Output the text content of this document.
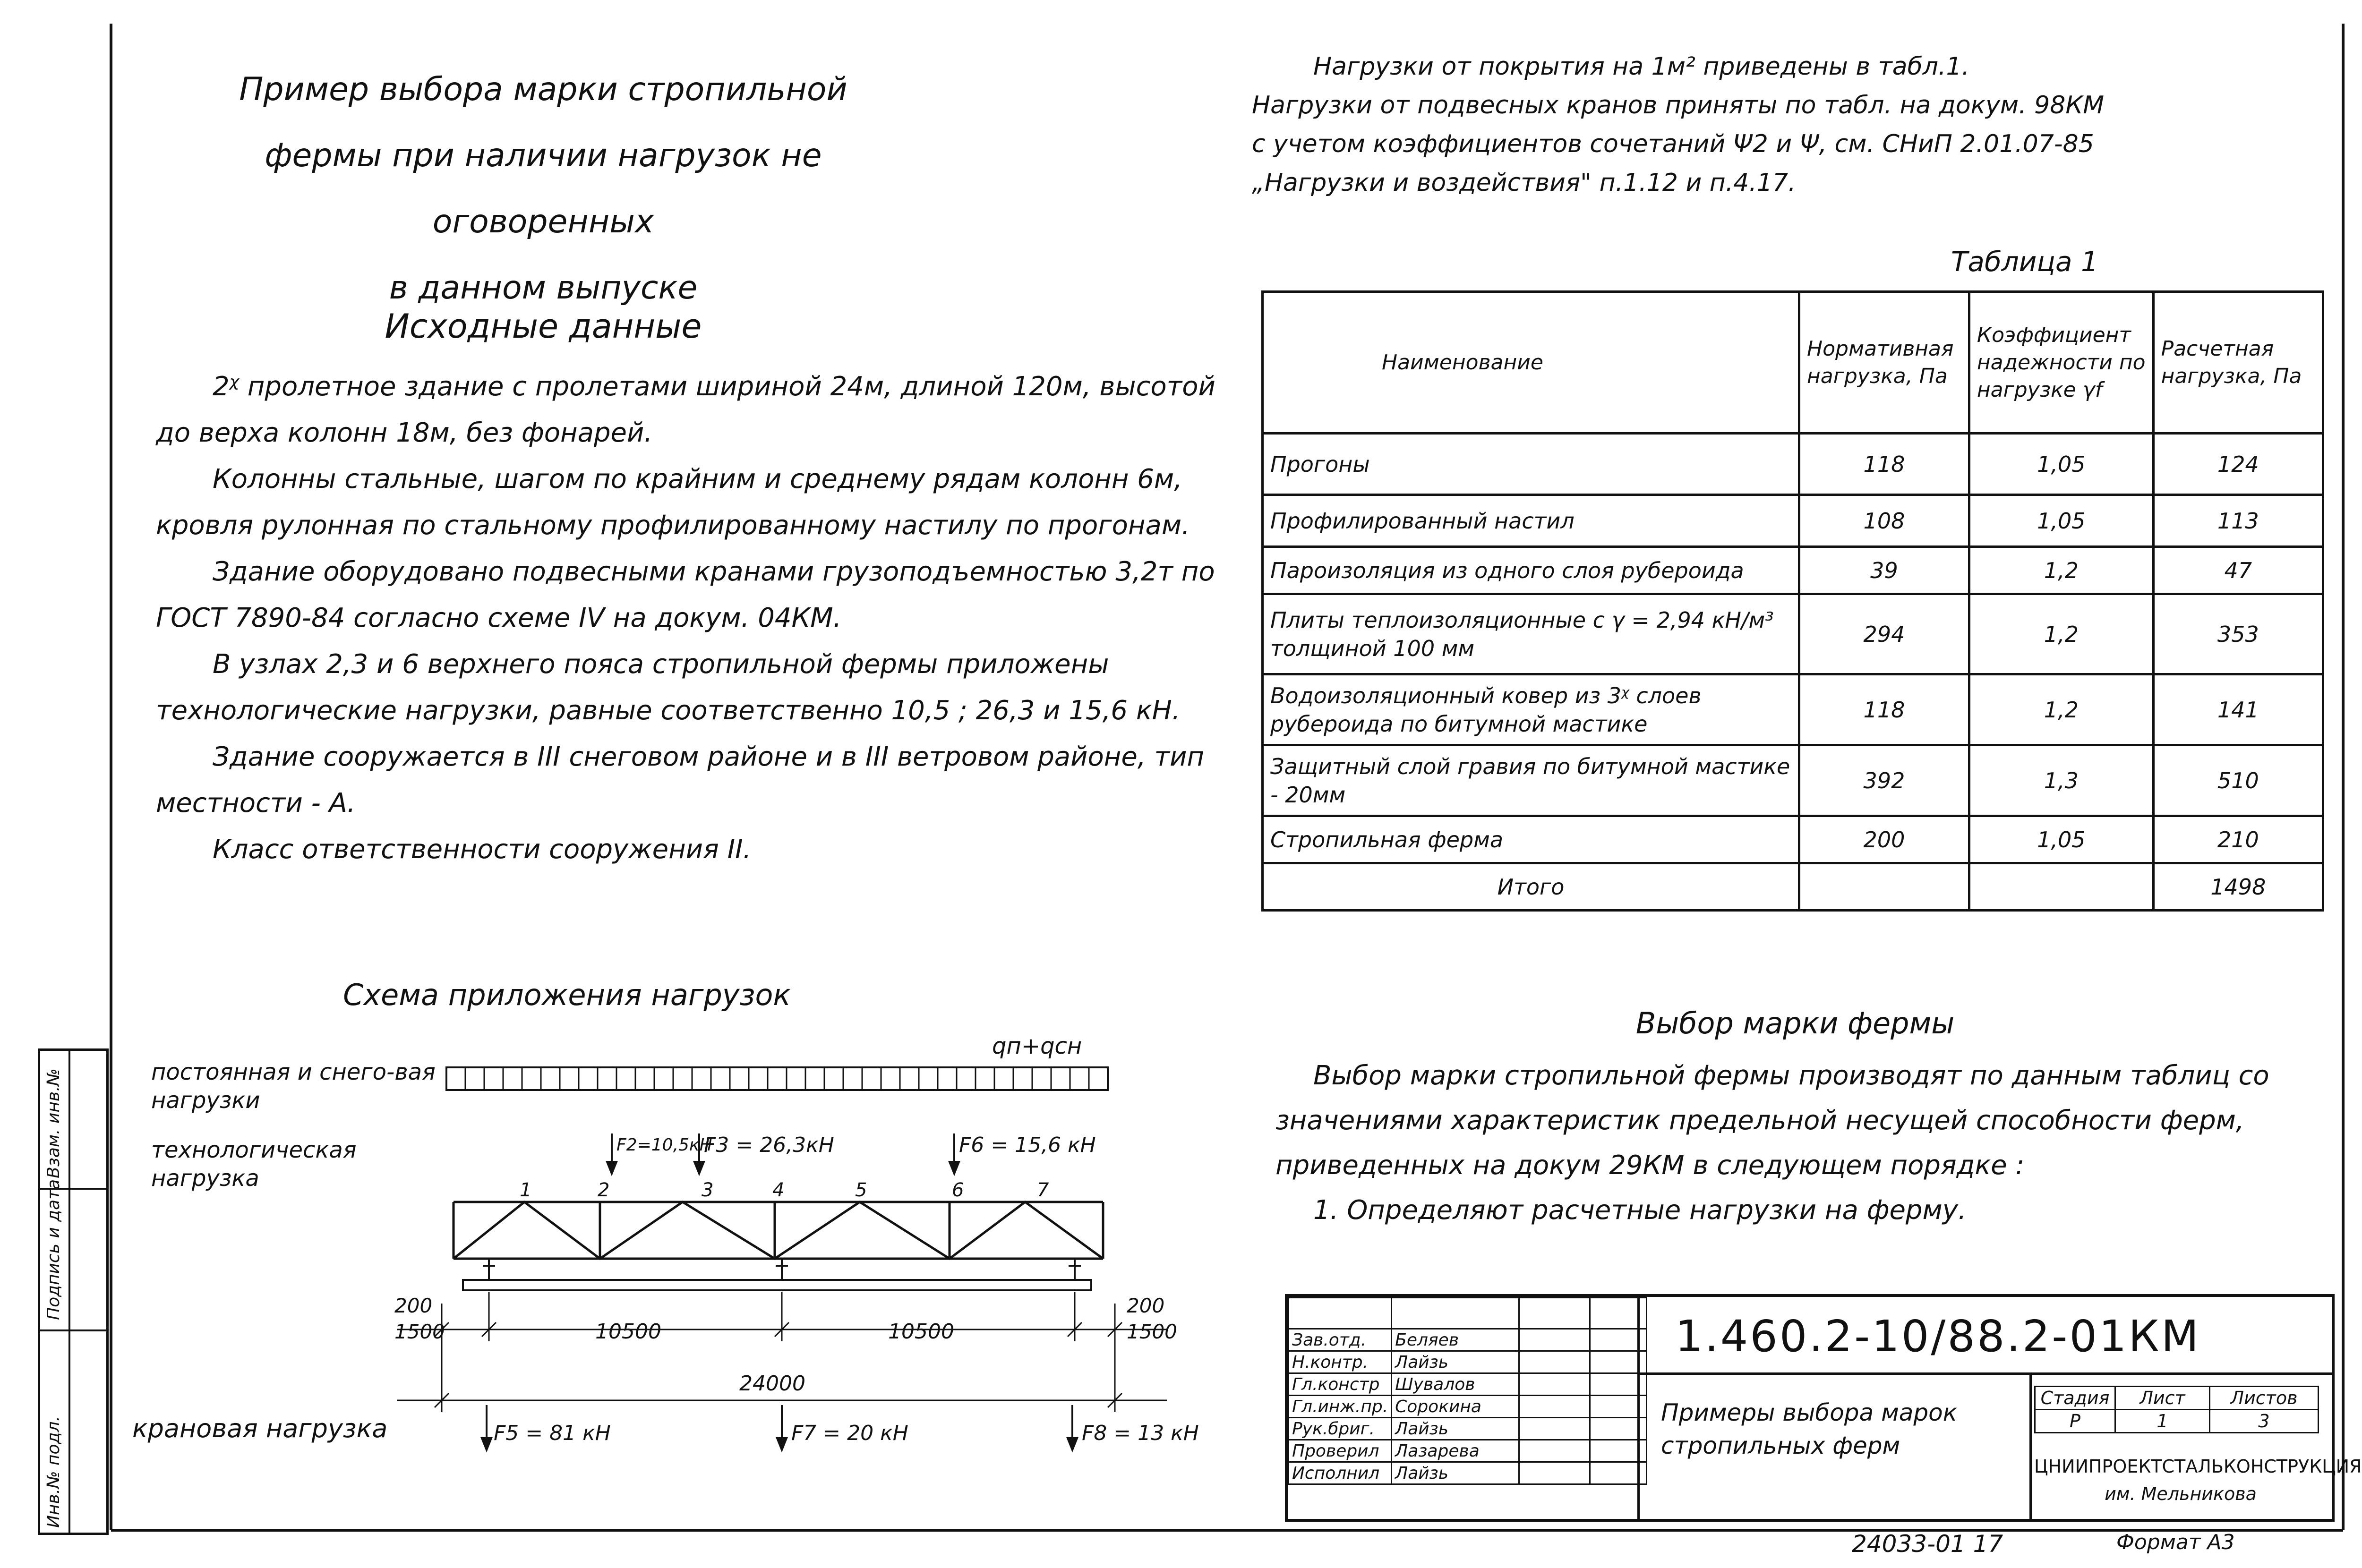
Инв.№ подл.
Подпись и дата
Взам. инв.№
Пример выбора марки стропильной
фермы при наличии нагрузок не оговоренных
в данном выпуске
Исходные данные

2ᵡ пролетное здание с пролетами шириной 24м, длиной 120м, высотой до верха колонн 18м, без фонарей.

Колонны стальные, шагом по крайним и среднему рядам колонн 6м, кровля рулонная по стальному профилированному настилу по прогонам.

Здание оборудовано подвесными кранами грузоподъемностью 3,2т по ГОСТ 7890-84 согласно схеме IV на докум. 04КМ.

В узлах 2,3 и 6 верхнего пояса стропильной фермы приложены технологические нагрузки, равные соответственно 10,5 ; 26,3 и 15,6 кН.

Здание сооружается в III снеговом районе и в III ветровом районе, тип местности - А.

Класс ответственности сооружения II.

Схема приложения нагрузок
постоянная и снего-вая нагрузки
технологическая нагрузка
крановая нагрузка
qп+qсн
F2=10,5кН
F3 = 26,3кН	F6 = 15,6 кН
1	2	3	4	5	6	7
200
1500	10500	10500
200
1500
24000
F5 = 81 кН	F7 = 20 кН	F8 = 13 кН

Нагрузки от покрытия на 1м² приведены в табл.1.

Нагрузки от подвесных кранов приняты по табл. на докум. 98КМ

с учетом коэффициентов сочетаний Ψ2 и Ψ, см. СНиП 2.01.07-85

„Нагрузки и воздействия" п.1.12 и п.4.17.

Таблица 1
Наименование	Нормативная нагрузка, Па	Коэффициент надежности по нагрузке γf	Расчетная нагрузка, Па
Прогоны	118	1,05	124
Профилированный настил	108	1,05	113
Пароизоляция из одного слоя рубероида	39	1,2	47
Плиты теплоизоляционные с γ = 2,94 кН/м³ толщиной 100 мм	294	1,2	353
Водоизоляционный ковер из 3ᵡ слоев рубероида по битумной мастике	118	1,2	141
Защитный слой гравия по битумной мастике - 20мм	392	1,3	510
Стропильная ферма	200	1,05	210
Итого			1498
Выбор марки фермы

Выбор марки стропильной фермы производят по данным таблиц со значениями характеристик предельной несущей способности ферм, приведенных на докум 29КМ в следующем порядке :

1. Определяют расчетные нагрузки на ферму.

Зав.отд.	Беляев		
Н.контр.	Лайзь		
Гл.констр	Шувалов		
Гл.инж.пр.	Сорокина		
Рук.бриг.	Лайзь		
Проверил	Лазарева		
Исполнил	Лайзь		
1.460.2-10/88.2-01КМ
Примеры выбора марок стропильных ферм
Стадия	Лист	Листов
Р	1	3
ЦНИИПРОЕКТСТАЛЬКОНСТРУКЦИЯ
им. Мельникова
24033-01 17	Формат А3
